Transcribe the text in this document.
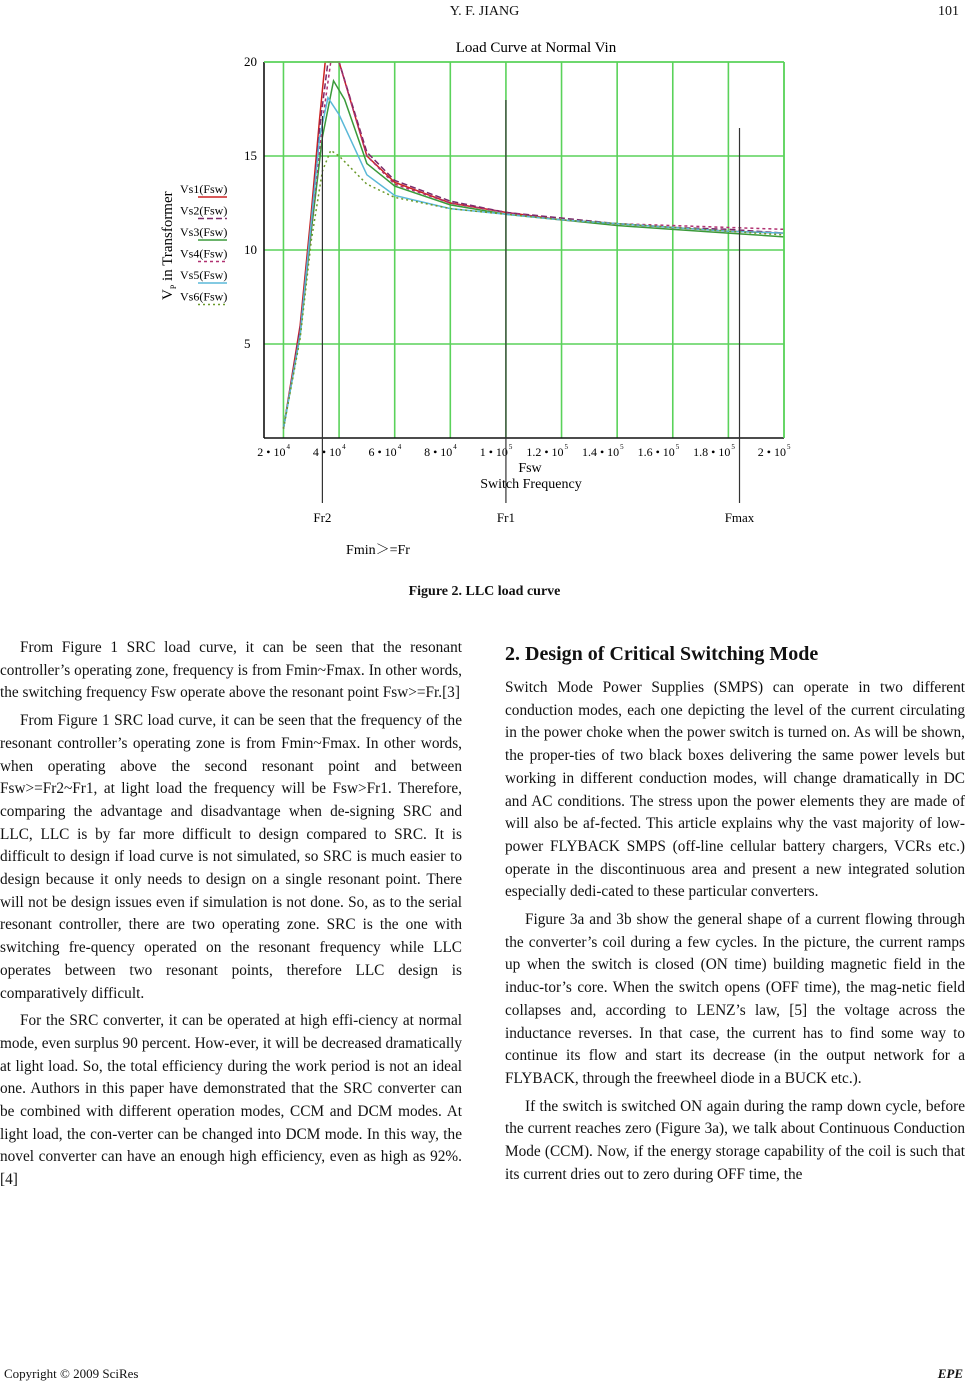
Y. F. JIANG	101
Load Curve at Normal Vin
5
10
15
20
2 • 10 4 4 • 10 4 6 • 10 4 8 • 10 4 1 • 10 5 1.2 • 10 5 1.4 • 10 5 1.6 • 10 5 1.8 • 10 5 2 • 10 5
Fsw
Switch Frequency
$V_P$ in Transformer
Vs1(Fsw)
Vs2(Fsw)
Vs3(Fsw)
Vs4(Fsw)
Vs5(Fsw)
Vs6(Fsw)
Fr2	Fr1	Fmax
Fmin＞=Fr
Figure 2. LLC load curve

From Figure 1 SRC load curve, it can be seen that the resonant controller’s operating zone, frequency is from Fmin~Fmax. In other words, the switching frequency Fsw operate above the resonant point Fsw>=Fr.[3]

From Figure 1 SRC load curve, it can be seen that the frequency of the resonant controller’s operating zone is from Fmin~Fmax. In other words, when operating above the second resonant point and between Fsw>=Fr2~Fr1, at light load the frequency will be Fsw>Fr1. Therefore, comparing the advantage and disadvantage when de-signing SRC and LLC, LLC is by far more difficult to design compared to SRC. It is difficult to design if load curve is not simulated, so SRC is much easier to design because it only needs to design on a single resonant point. There will not be design issues even if simulation is not done. So, as to the serial resonant controller, there are two operating zone. SRC is the one with switching fre-quency operated on the resonant frequency while LLC operates between two resonant points, therefore LLC design is comparatively difficult.

For the SRC converter, it can be operated at high effi-ciency at normal mode, even surplus 90 percent. How-ever, it will be decreased dramatically at light load. So, the total efficiency during the work period is not an ideal one. Authors in this paper have demonstrated that the SRC converter can be combined with different operation modes, CCM and DCM modes. At light load, the con-verter can be changed into DCM mode. In this way, the novel converter can have an enough high efficiency, even as high as 92%. [4]

2. Design of Critical Switching Mode

Switch Mode Power Supplies (SMPS) can operate in two different conduction modes, each one depicting the level of the current circulating in the power choke when the power switch is turned on. As will be shown, the proper-ties of two black boxes delivering the same power levels but working in different conduction modes, will change dramatically in DC and AC conditions. The stress upon the power elements they are made of will also be af-fected. This article explains why the vast majority of low-power FLYBACK SMPS (off-line cellular battery chargers, VCRs etc.) operate in the discontinuous area and present a new integrated solution especially dedi-cated to these particular converters.

Figure 3a and 3b show the general shape of a current flowing through the converter’s coil during a few cycles. In the picture, the current ramps up when the switch is closed (ON time) building magnetic field in the induc-tor’s core. When the switch opens (OFF time), the mag-netic field collapses and, according to LENZ’s law, [5] the voltage across the inductance reverses. In that case, the current has to find some way to continue its flow and start its decrease (in the output network for a FLYBACK, through the freewheel diode in a BUCK etc.).

If the switch is switched ON again during the ramp down cycle, before the current reaches zero (Figure 3a), we talk about Continuous Conduction Mode (CCM). Now, if the energy storage capability of the coil is such that its current dries out to zero during OFF time, the

Copyright © 2009 SciRes	EPE
